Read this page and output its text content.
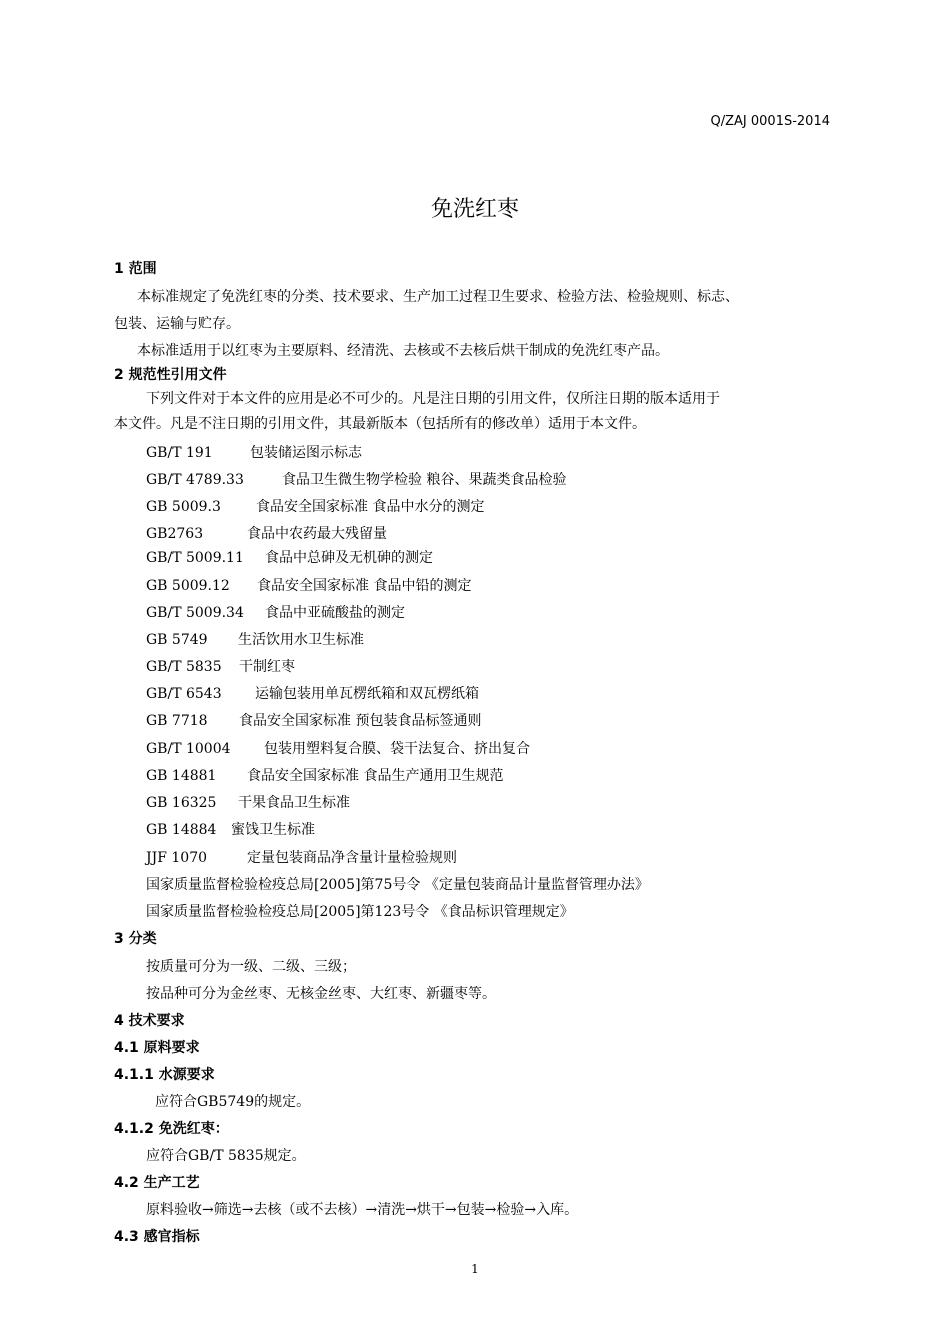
Q/ZAJ 0001S-2014
免洗红枣
1 范围
本标准规定了免洗红枣的分类、技术要求、生产加工过程卫生要求、检验方法、检验规则、标志、
包装、运输与贮存。
本标准适用于以红枣为主要原料、经清洗、去核或不去核后烘干制成的免洗红枣产品。
2 规范性引用文件
下列文件对于本文件的应用是必不可少的。凡是注日期的引用文件，仅所注日期的版本适用于
本文件。凡是不注日期的引用文件，其最新版本（包括所有的修改单）适用于本文件。
GB/T 191	包装储运图示标志
GB/T 4789.33	食品卫生微生物学检验 粮谷、果蔬类食品检验
GB 5009.3	食品安全国家标准 食品中水分的测定
GB2763	食品中农药最大残留量
GB/T 5009.11 食品中总砷及无机砷的测定
GB 5009.12 食品安全国家标准 食品中铅的测定
GB/T 5009.34 食品中亚硫酸盐的测定
GB 5749 生活饮用水卫生标准
GB/T 5835 干制红枣
GB/T 6543 运输包装用单瓦楞纸箱和双瓦楞纸箱
GB 7718 食品安全国家标准 预包装食品标签通则
GB/T 10004 包装用塑料复合膜、袋干法复合、挤出复合
GB 14881 食品安全国家标准 食品生产通用卫生规范
GB 16325 干果食品卫生标准
GB 14884 蜜饯卫生标准
JJF 1070	定量包装商品净含量计量检验规则
国家质量监督检验检疫总局[2005]第75号令 《定量包装商品计量监督管理办法》
国家质量监督检验检疫总局[2005]第123号令 《食品标识管理规定》
3 分类
按质量可分为一级、二级、三级；
按品种可分为金丝枣、无核金丝枣、大红枣、新疆枣等。
4 技术要求
4.1 原料要求
4.1.1 水源要求
应符合GB5749的规定。
4.1.2 免洗红枣：
应符合GB/T 5835规定。
4.2 生产工艺
原料验收→筛选→去核（或不去核）→清洗→烘干→包装→检验→入库。
4.3 感官指标
1
